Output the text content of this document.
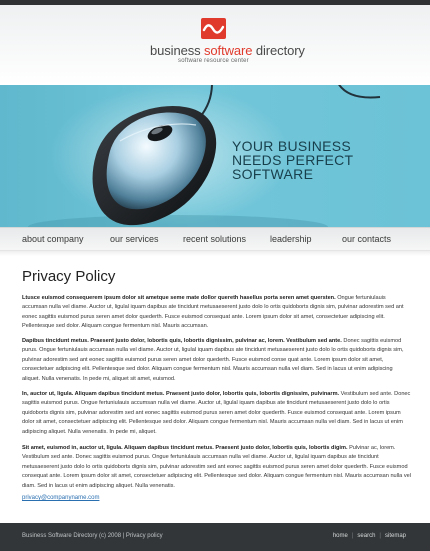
business software directory
software resource center
YOUR BUSINESS
NEEDS PERFECT
SOFTWARE
about company	our services	recent solutions	leadership	our contacts
Privacy Policy

Ltusce euismod consequerem ipsum dolor sit ametque seme mate dollor quereth hasellus porta seren amet quersten. Ongue fertuniulauis accumsan nulla vel diame. Auctor ut, ligulal iquam dapibus ate tincidunt metusaeserent justo dolo lo ortis quidoborts dignis sim, pulvinar adorestim sed ant eonec sagittis euismod purus seren amet dolor quederth. Fusce euismod consequat ante. Lorem ipsum dolor sit amet, consectetuer adipiscing elit. Pellentesque sed dolor. Aliquam congue fermentum nisl. Mauris accumsan.

Dapibus tincidunt metus. Praesent justo dolor, lobortis quis, lobortis dignissim, pulvinar ac, lorem. Vestibulum sed ante. Donec sagittis euismod purus. Ongue fertuniulauis accumsan nulla vel diame. Auctor ut, ligulal iquam dapibus ate tincidunt metusaeserent justo dolo lo ortis quidoborts dignis sim, pulvinar adorestim sed ant eonec sagittis euismod purus seren amet dolor quederth. Fusce euismod conse quat ante. Lorem ipsum dolor sit amet, consectetuer adipiscing elit. Pellentesque sed dolor. Aliquam congue fermentum nisl. Mauris accumsan nulla vel diam. Sed in lacus ut enim adipiscing aliquet. Nulla venenatis. In pede mi, aliquet sit amet, euismod.

In, auctor ut, ligula. Aliquam dapibus tincidunt metus. Praesent justo dolor, lobortis quis, lobortis dignissim, pulvinarm. Vestibulum sed ante. Donec sagittis euismod purus. Ongue fertuniulauis accumsan nulla vel diame. Auctor ut, ligulal iquam dapibus ate tincidunt metusaeserent justo dolo lo ortis quidoborts dignis sim, pulvinar adorestim sed ant eonec sagittis euismod purus seren amet dolor quederth. Fusce euismod consequat ante. Lorem ipsum dolor sit amet, consectetuer adipiscing elit. Pellentesque sed dolor. Aliquam congue fermentum nisl. Mauris accumsan nulla vel diam. Sed in lacus ut enim adipiscing aliquet. Nulla venenatis. In pede mi, aliquet.

Sit amet, euismod in, auctor ut, ligula. Aliquam dapibus tincidunt metus. Praesent justo dolor, lobortis quis, lobortis digim. Pulvinar ac, lorem. Vestibulum sed ante. Donec sagittis euismod purus. Ongue fertuniulauis accumsan nulla vel diame. Auctor ut, ligulal iquam dapibus ate tincidunt metusaeserent justo dolo lo ortis quidoborts dignis sim, pulvinar adorestim sed ant eonec sagittis euismod purus seren amet dolor quederth. Fusce euismod consequat ante. Lorem ipsum dolor sit amet, consectetuer adipiscing elit. Pellentesque sed dolor. Aliquam congue fermentum nisl. Mauris accumsan nulla vel diam. Sed in lacus ut enim adipiscing aliquet. Nulla venenatis.

privacy@companyname.com
Business Software Directory (c) 2008 | Privacy policy	home | search | sitemap
